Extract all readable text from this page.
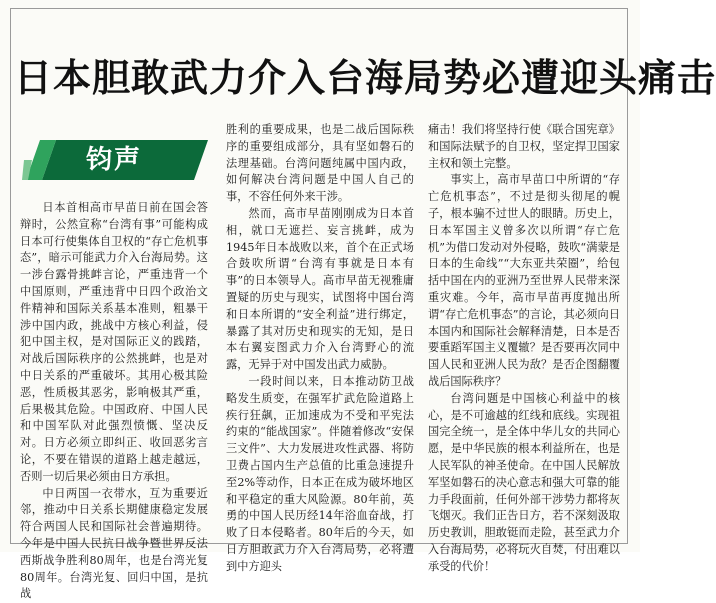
日本胆敢武力介入台海局势必遭迎头痛击
钧声

日本首相高市早苗日前在国会答辩时，公然宣称“台湾有事”可能构成日本可行使集体自卫权的“存亡危机事态”，暗示可能武力介入台海局势。这一涉台露骨挑衅言论，严重违背一个中国原则，严重违背中日四个政治文件精神和国际关系基本准则，粗暴干涉中国内政，挑战中方核心利益，侵犯中国主权，是对国际正义的践踏，对战后国际秩序的公然挑衅，也是对中日关系的严重破坏。其用心极其险恶，性质极其恶劣，影响极其严重，后果极其危险。中国政府、中国人民和中国军队对此强烈愤慨、坚决反对。日方必须立即纠正、收回恶劣言论，不要在错误的道路上越走越远，否则一切后果必须由日方承担。

中日两国一衣带水，互为重要近邻，推动中日关系长期健康稳定发展符合两国人民和国际社会普遍期待。今年是中国人民抗日战争暨世界反法西斯战争胜利80周年，也是台湾光复80周年。台湾光复、回归中国，是抗战

胜利的重要成果，也是二战后国际秩序的重要组成部分，具有坚如磐石的法理基础。台湾问题纯属中国内政，如何解决台湾问题是中国人自己的事，不容任何外来干涉。

然而，高市早苗刚刚成为日本首相，就口无遮拦、妄言挑衅，成为1945年日本战败以来，首个在正式场合鼓吹所谓“台湾有事就是日本有事”的日本领导人。高市早苗无视雅庸置疑的历史与现实，试图将中国台湾和日本所谓的“安全利益”进行绑定，暴露了其对历史和现实的无知，是日本右翼妄图武力介入台湾野心的流露，无异于对中国发出武力威胁。

一段时间以来，日本推动防卫战略发生质变，在强军扩武危险道路上疾行狂飙，正加速成为不受和平宪法约束的“能战国家”。伴随着修改“安保三文件”、大力发展进攻性武器、将防卫费占国内生产总值的比重急速提升至2%等动作，日本正在成为破坏地区和平稳定的重大风险源。80年前，英勇的中国人民历经14年浴血奋战，打败了日本侵略者。80年后的今天，如日方胆敢武力介入台湾局势，必将遭到中方迎头

痛击！我们将坚持行使《联合国宪章》和国际法赋予的自卫权，坚定捍卫国家主权和领土完整。

事实上，高市早苗口中所谓的“存亡危机事态”，不过是彻头彻尾的幌子，根本骗不过世人的眼睛。历史上，日本军国主义曾多次以所谓“存亡危机”为借口发动对外侵略，鼓吹“满蒙是日本的生命线”“大东亚共荣圈”，给包括中国在内的亚洲乃至世界人民带来深重灾难。今年，高市早苗再度抛出所谓“存亡危机事态”的言论，其必须向日本国内和国际社会解释清楚，日本是否要重蹈军国主义覆辙？是否要再次同中国人民和亚洲人民为敌？是否企图翻覆战后国际秩序？

台湾问题是中国核心利益中的核心，是不可逾越的红线和底线。实现祖国完全统一，是全体中华儿女的共同心愿，是中华民族的根本利益所在，也是人民军队的神圣使命。在中国人民解放军坚如磐石的决心意志和强大可靠的能力手段面前，任何外部干涉势力都将灰飞烟灭。我们正告日方，若不深刻汲取历史教训，胆敢铤而走险，甚至武力介入台海局势，必将玩火自焚，付出难以承受的代价！
